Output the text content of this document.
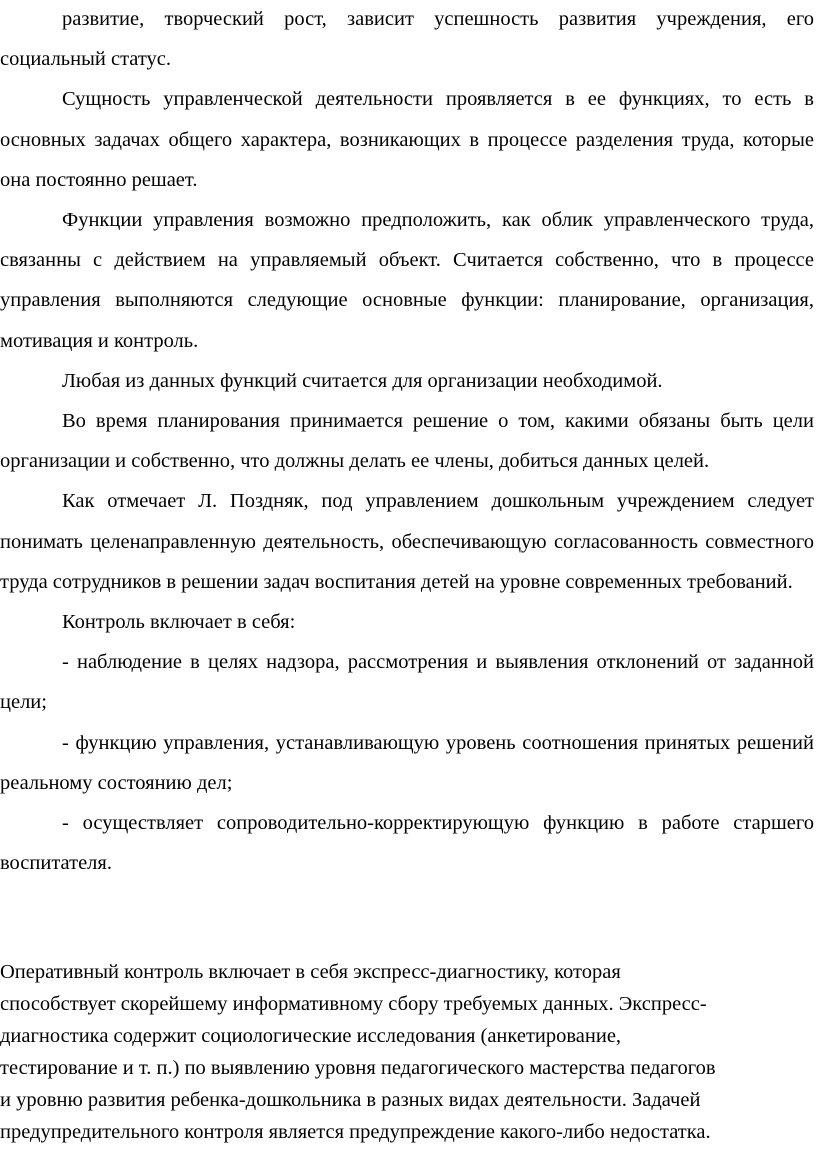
развитие, творческий рост, зависит успешность развития учреждения, его социальный статус.

Сущность управленческой деятельности проявляется в ее функциях, то есть в основных задачах общего характера, возникающих в процессе разделения труда, которые она постоянно решает.

Функции управления возможно предположить, как облик управленческого труда, связанны с действием на управляемый объект. Считается собственно, что в процессе управления выполняются следующие основные функции: планирование, организация, мотивация и контроль.

Любая из данных функций считается для организации необходимой.

Во время планирования принимается решение о том, какими обязаны быть цели организации и собственно, что должны делать ее члены, добиться данных целей.

Как отмечает Л. Поздняк, под управлением дошкольным учреждением следует понимать целенаправленную деятельность, обеспечивающую согласованность совместного труда сотрудников в решении задач воспитания детей на уровне современных требований.

Контроль включает в себя:

- наблюдение в целях надзора, рассмотрения и выявления отклонений от заданной цели;

- функцию управления, устанавливающую уровень соотношения принятых решений реальному состоянию дел;

- осуществляет сопроводительно-корректирующую функцию в работе старшего воспитателя.

Оперативный контроль включает в себя экспресс-диагностику, которая

способствует скорейшему информативному сбору требуемых данных. Экспресс-

диагностика содержит социологические исследования (анкетирование,

тестирование и т. п.) по выявлению уровня педагогического мастерства педагогов

и уровню развития ребенка-дошкольника в разных видах деятельности. Задачей

предупредительного контроля является предупреждение какого-либо недостатка.
